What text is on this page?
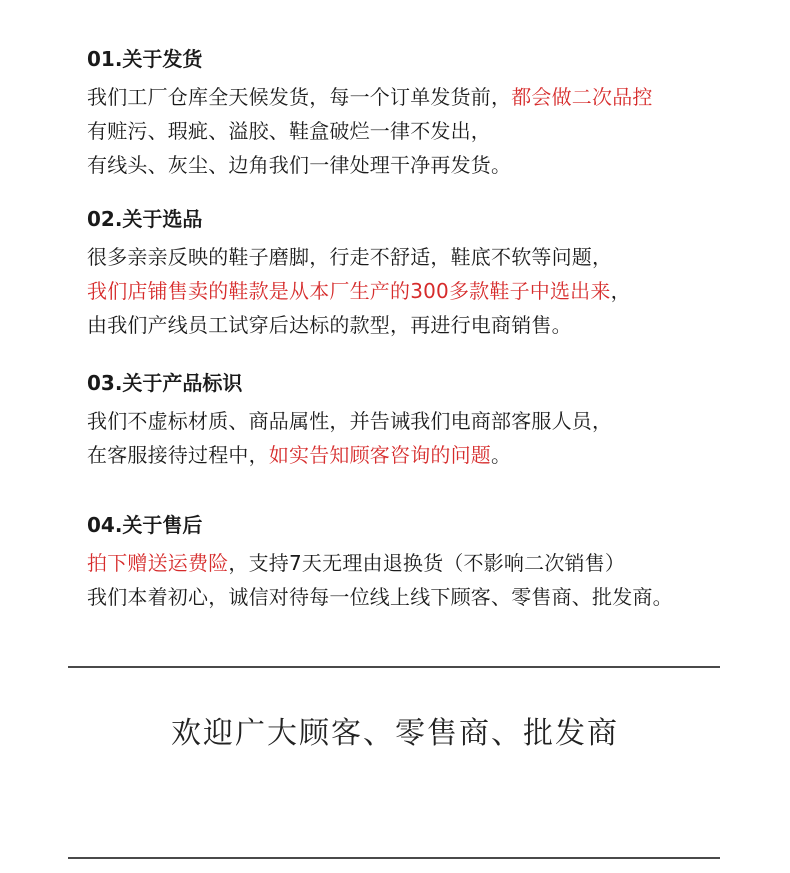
01.关于发货
我们工厂仓库全天候发货，每一个订单发货前，都会做二次品控
有赃污、瑕疵、溢胶、鞋盒破烂一律不发出，
有线头、灰尘、边角我们一律处理干净再发货。
02.关于选品
很多亲亲反映的鞋子磨脚，行走不舒适，鞋底不软等问题，
我们店铺售卖的鞋款是从本厂生产的300多款鞋子中选出来，
由我们产线员工试穿后达标的款型，再进行电商销售。
03.关于产品标识
我们不虚标材质、商品属性，并告诫我们电商部客服人员，
在客服接待过程中，如实告知顾客咨询的问题。
04.关于售后
拍下赠送运费险，支持7天无理由退换货（不影响二次销售）
我们本着初心，诚信对待每一位线上线下顾客、零售商、批发商。
欢迎广大顾客、零售商、批发商
